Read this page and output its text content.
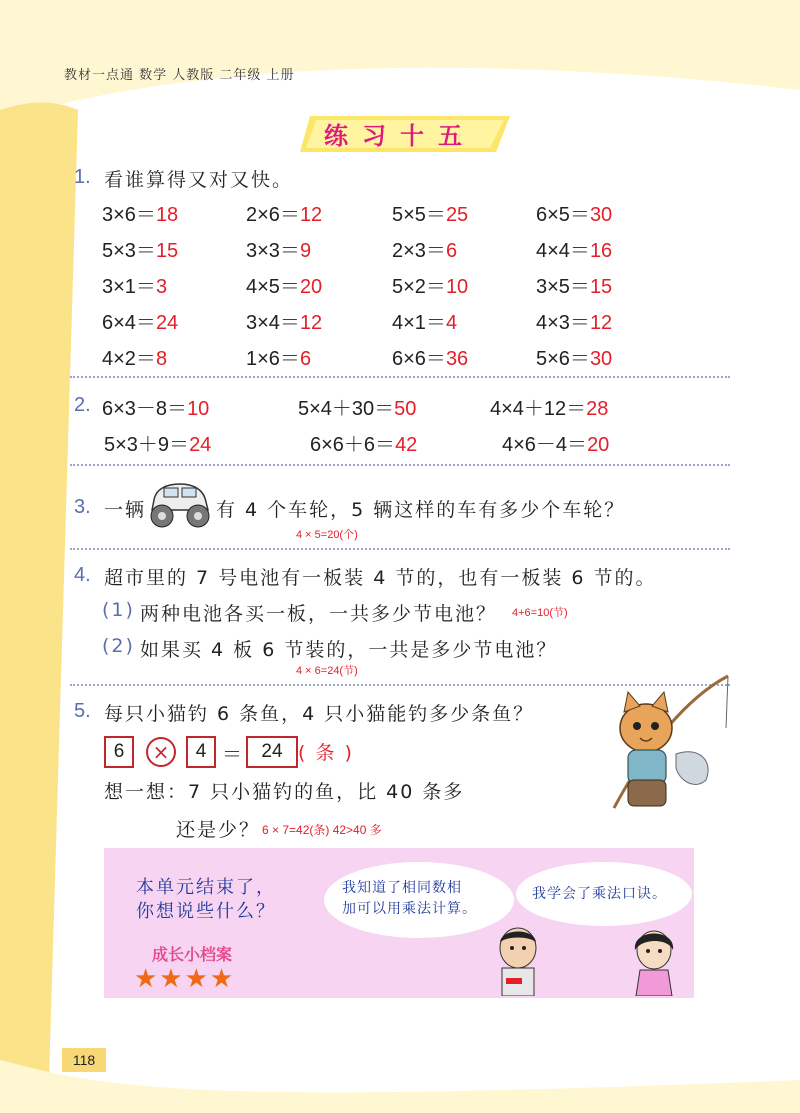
教材一点通 数学 人教版 二年级 上册
练习十五
1. 看谁算得又对又快。
3×6＝18	2×6＝12	5×5＝25	6×5＝30
5×3＝15	3×3＝9	2×3＝6	4×4＝16
3×1＝3	4×5＝20	5×2＝10	3×5＝15
6×4＝24	3×4＝12	4×1＝4	4×3＝12
4×2＝8	1×6＝6	6×6＝36	5×6＝30
2. 6×3－8＝10	5×4＋30＝50	4×4＋12＝28
5×3＋9＝24	6×6＋6＝42	4×6－4＝20
3. 一辆	有 4 个车轮，5 辆这样的车有多少个车轮？
4 × 5=20(个)
4. 超市里的 7 号电池有一板装 4 节的，也有一板装 6 节的。
(1) 两种电池各买一板，一共多少节电池？ 4+6=10(节)
(2) 如果买 4 板 6 节装的，一共是多少节电池？
4 × 6=24(节)
5. 每只小猫钓 6 条鱼，4 只小猫能钓多少条鱼？
6	×	4 ＝	24 ( 条 )
想一想：7 只小猫钓的鱼，比 40 条多
还是少？ 6 × 7=42(条) 42>40 多
本单元结束了，
你想说些什么？
成长小档案
★★★★
我知道了相同数相
加可以用乘法计算。
我学会了乘法口诀。
118
